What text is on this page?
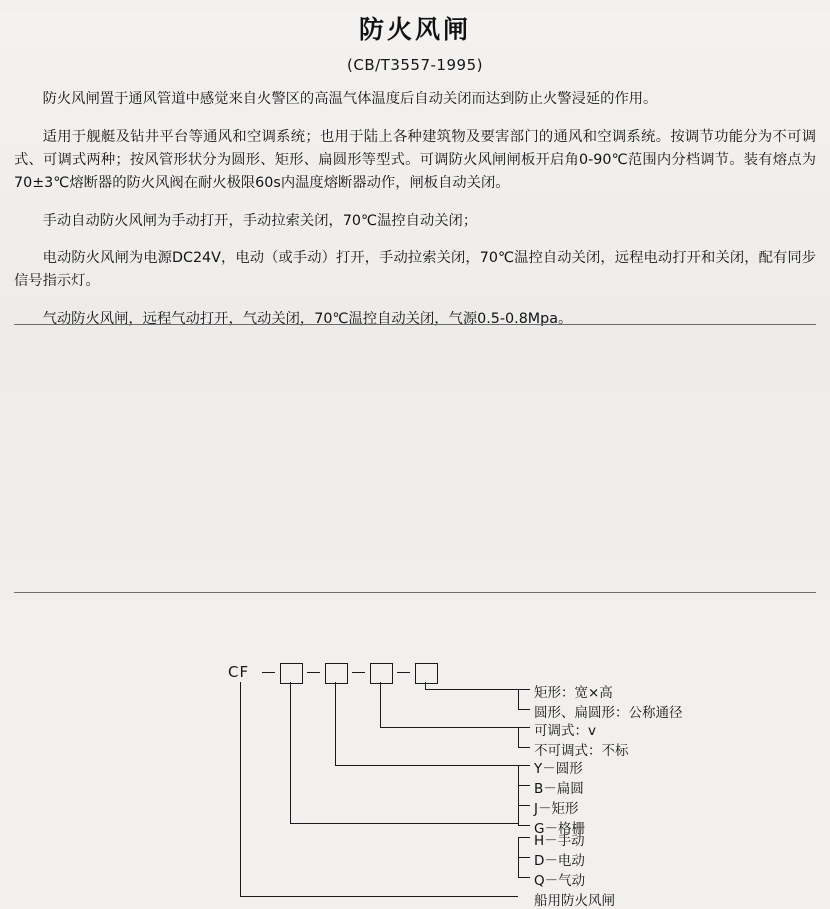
防火风闸
(CB/T3557-1995)

防火风闸置于通风管道中感觉来自火警区的高温气体温度后自动关闭而达到防止火警浸延的作用。

适用于舰艇及钻井平台等通风和空调系统；也用于陆上各种建筑物及要害部门的通风和空调系统。按调节功能分为不可调式、可调式两种；按风管形状分为圆形、矩形、扁圆形等型式。可调防火风闸闸板开启角0-90℃范围内分档调节。装有熔点为70±3℃熔断器的防火风阀在耐火极限60s内温度熔断器动作，闸板自动关闭。

手动自动防火风闸为手动打开，手动拉索关闭，70℃温控自动关闭；

电动防火风闸为电源DC24V，电动（或手动）打开，手动拉索关闭，70℃温控自动关闭，远程电动打开和关闭，配有同步信号指示灯。

气动防火风闸，远程气动打开，气动关闭，70℃温控自动关闭，气源0.5-0.8Mpa。

CF
矩形：宽×高
圆形、扁圆形：公称通径
可调式：v
不可调式：不标
Y－圆形
B－扁圆
J－矩形
G－格栅
H－手动
D－电动
Q－气动
船用防火风闸
